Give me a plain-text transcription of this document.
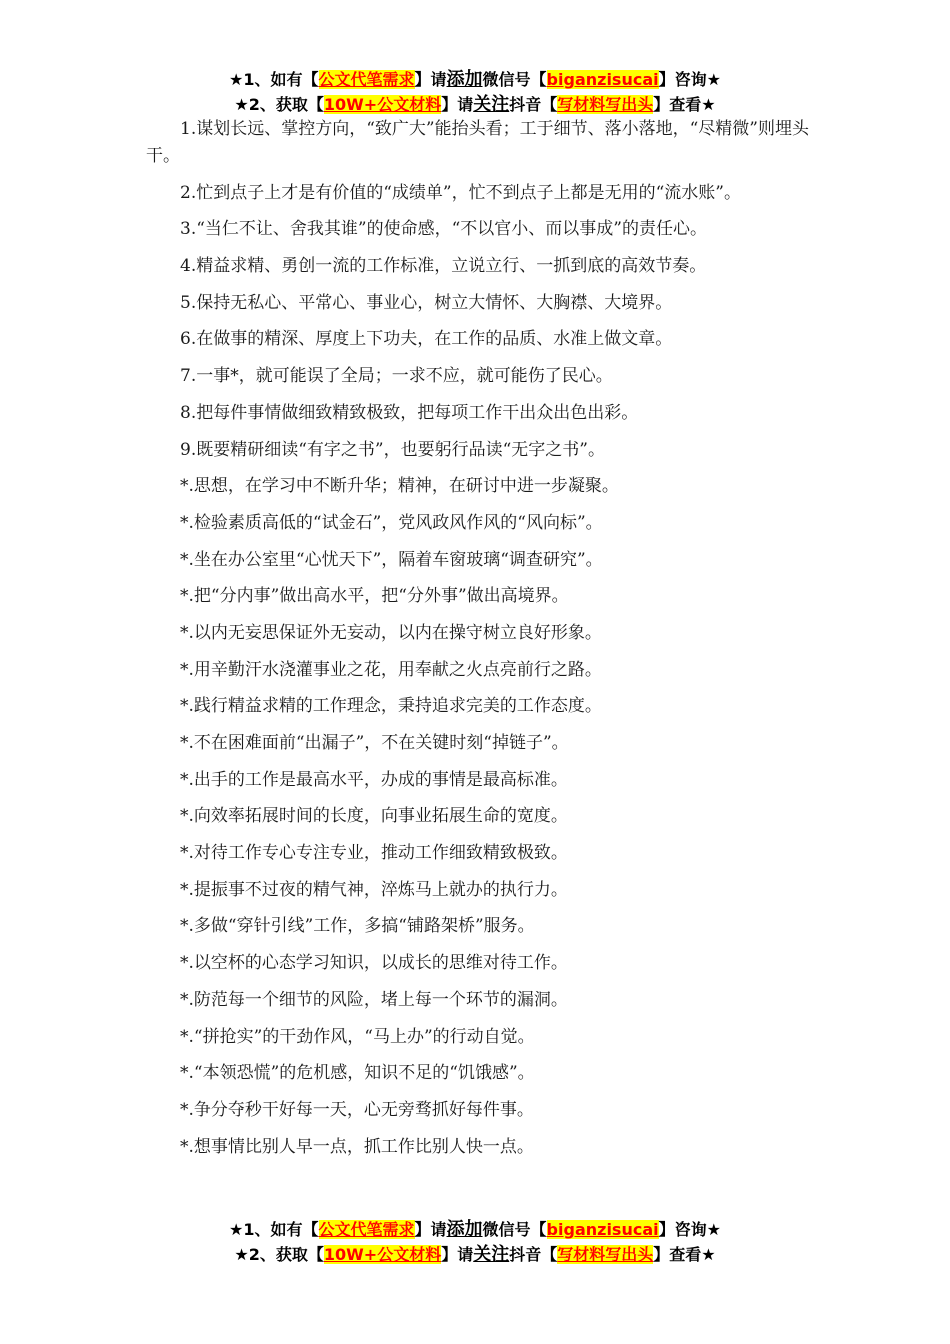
★1、如有【公文代笔需求】请添加微信号【biganzisucai】咨询★
★2、获取【10W+公文材料】请关注抖音【写材料写出头】查看★

1.谋划长远、掌控方向，“致广大”能抬头看；工于细节、落小落地，“尽精微”则埋头干。

2.忙到点子上才是有价值的“成绩单”，忙不到点子上都是无用的“流水账”。

3.“当仁不让、舍我其谁”的使命感，“不以官小、而以事成”的责任心。

4.精益求精、勇创一流的工作标准，立说立行、一抓到底的高效节奏。

5.保持无私心、平常心、事业心，树立大情怀、大胸襟、大境界。

6.在做事的精深、厚度上下功夫，在工作的品质、水准上做文章。

7.一事*，就可能误了全局；一求不应，就可能伤了民心。

8.把每件事情做细致精致极致，把每项工作干出众出色出彩。

9.既要精研细读“有字之书”，也要躬行品读“无字之书”。

*.思想，在学习中不断升华；精神，在研讨中进一步凝聚。

*.检验素质高低的“试金石”，党风政风作风的“风向标”。

*.坐在办公室里“心忧天下”，隔着车窗玻璃“调查研究”。

*.把“分内事”做出高水平，把“分外事”做出高境界。

*.以内无妄思保证外无妄动，以内在操守树立良好形象。

*.用辛勤汗水浇灌事业之花，用奉献之火点亮前行之路。

*.践行精益求精的工作理念，秉持追求完美的工作态度。

*.不在困难面前“出漏子”，不在关键时刻“掉链子”。

*.出手的工作是最高水平，办成的事情是最高标准。

*.向效率拓展时间的长度，向事业拓展生命的宽度。

*.对待工作专心专注专业，推动工作细致精致极致。

*.提振事不过夜的精气神，淬炼马上就办的执行力。

*.多做“穿针引线”工作，多搞“铺路架桥”服务。

*.以空杯的心态学习知识，以成长的思维对待工作。

*.防范每一个细节的风险，堵上每一个环节的漏洞。

*.“拼抢实”的干劲作风，“马上办”的行动自觉。

*.“本领恐慌”的危机感，知识不足的“饥饿感”。

*.争分夺秒干好每一天，心无旁骛抓好每件事。

*.想事情比别人早一点，抓工作比别人快一点。

★1、如有【公文代笔需求】请添加微信号【biganzisucai】咨询★
★2、获取【10W+公文材料】请关注抖音【写材料写出头】查看★
